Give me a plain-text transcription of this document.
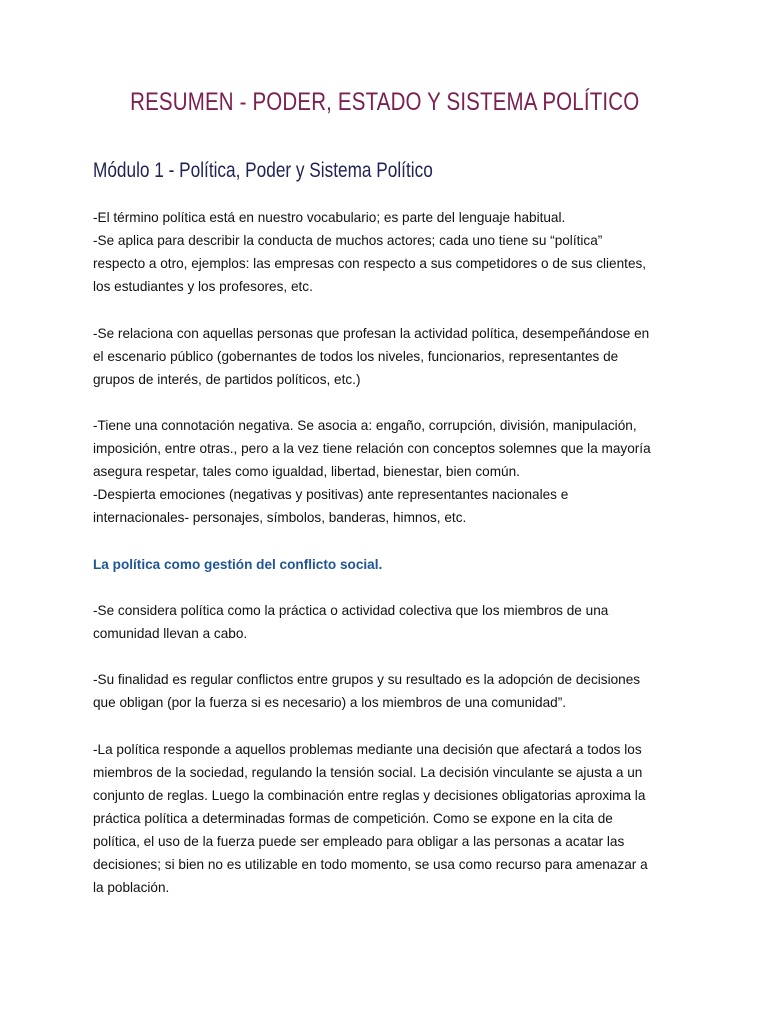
RESUMEN - PODER, ESTADO Y SISTEMA POLÍTICO
Módulo 1 - Política, Poder y Sistema Político

-El término política está en nuestro vocabulario; es parte del lenguaje habitual.
-Se aplica para describir la conducta de muchos actores; cada uno tiene su “política”
respecto a otro, ejemplos: las empresas con respecto a sus competidores o de sus clientes,
los estudiantes y los profesores, etc.

-Se relaciona con aquellas personas que profesan la actividad política, desempeñándose en
el escenario público (gobernantes de todos los niveles, funcionarios, representantes de
grupos de interés, de partidos políticos, etc.)

-Tiene una connotación negativa. Se asocia a: engaño, corrupción, división, manipulación,
imposición, entre otras., pero a la vez tiene relación con conceptos solemnes que la mayoría
asegura respetar, tales como igualdad, libertad, bienestar, bien común.
-Despierta emociones (negativas y positivas) ante representantes nacionales e
internacionales- personajes, símbolos, banderas, himnos, etc.

La política como gestión del conflicto social.

-Se considera política como la práctica o actividad colectiva que los miembros de una
comunidad llevan a cabo.

-Su finalidad es regular conflictos entre grupos y su resultado es la adopción de decisiones
que obligan (por la fuerza si es necesario) a los miembros de una comunidad”.

-La política responde a aquellos problemas mediante una decisión que afectará a todos los
miembros de la sociedad, regulando la tensión social. La decisión vinculante se ajusta a un
conjunto de reglas. Luego la combinación entre reglas y decisiones obligatorias aproxima la
práctica política a determinadas formas de competición. Como se expone en la cita de
política, el uso de la fuerza puede ser empleado para obligar a las personas a acatar las
decisiones; si bien no es utilizable en todo momento, se usa como recurso para amenazar a
la población.
